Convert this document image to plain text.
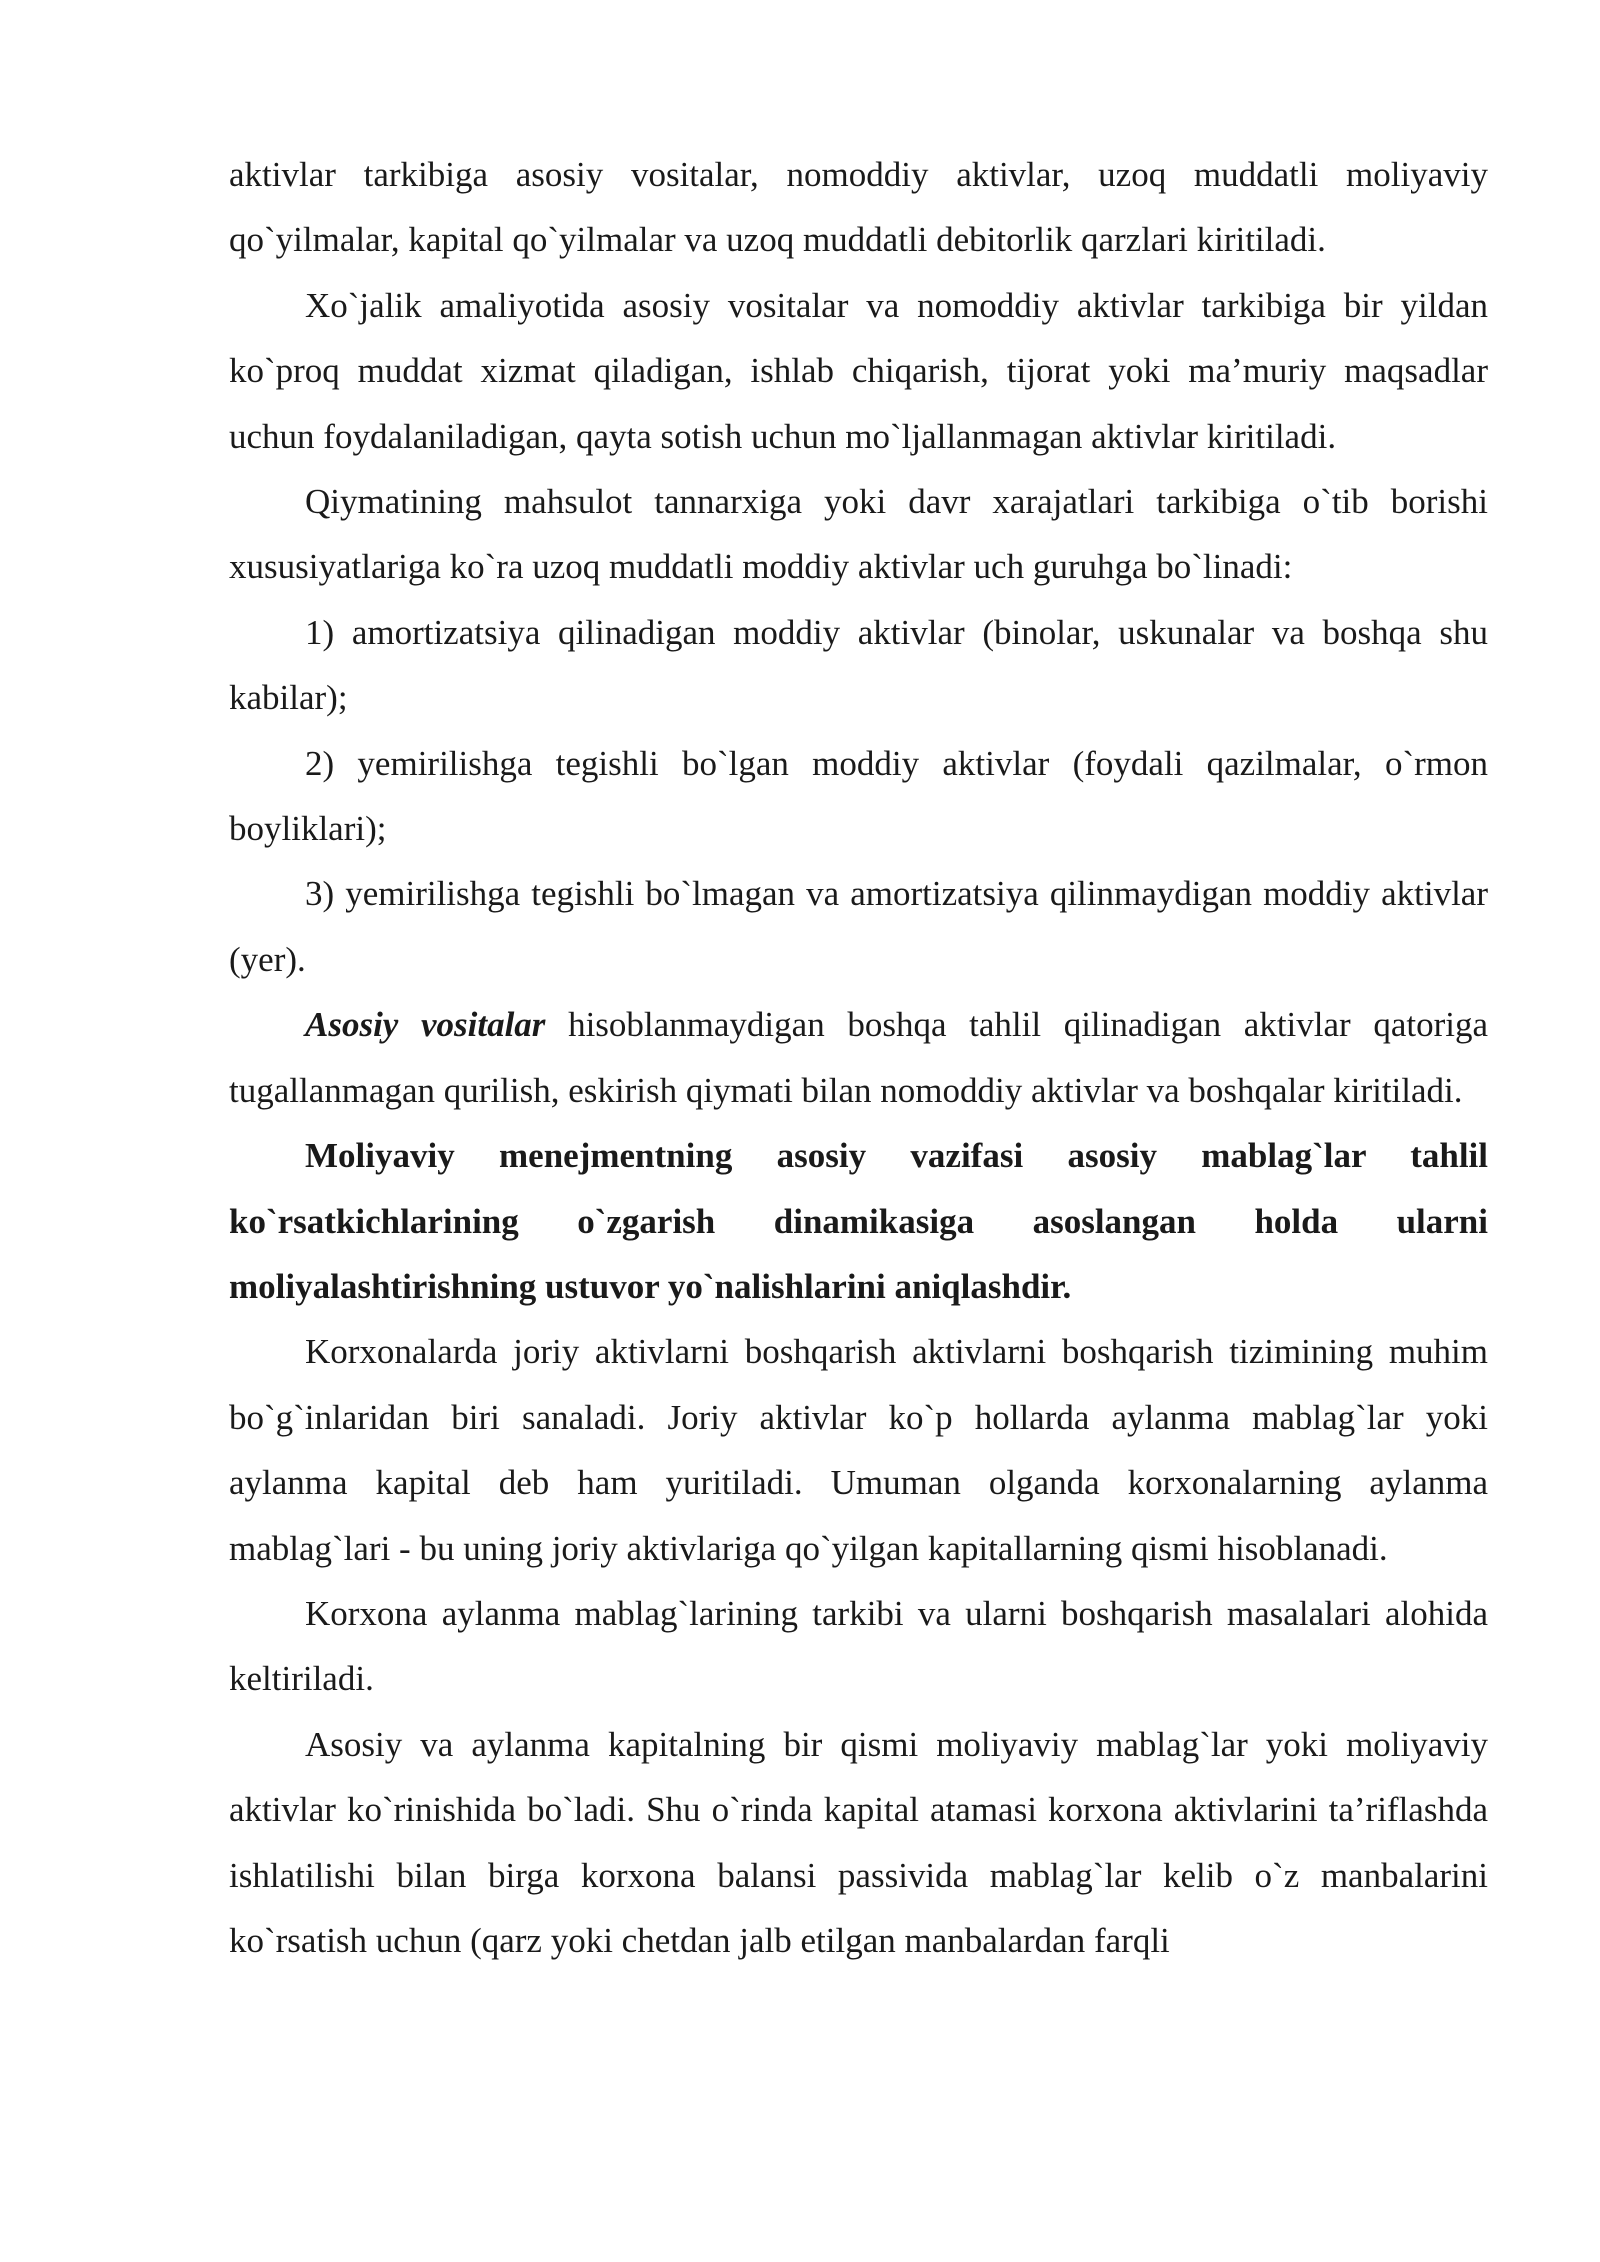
aktivlar tarkibiga asosiy vositalar, nomoddiy aktivlar, uzoq muddatli moliyaviy qo`yilmalar, kapital qo`yilmalar va uzoq muddatli debitorlik qarzlari kiritiladi.

Xo`jalik amaliyotida asosiy vositalar va nomoddiy aktivlar tarkibiga bir yildan ko`proq muddat xizmat qiladigan, ishlab chiqarish, tijorat yoki ma’muriy maqsadlar uchun foydalaniladigan, qayta sotish uchun mo`ljallanmagan aktivlar kiritiladi.

Qiymatining mahsulot tannarxiga yoki davr xarajatlari tarkibiga o`tib borishi xususiyatlariga ko`ra uzoq muddatli moddiy aktivlar uch guruhga bo`linadi:

1) amortizatsiya qilinadigan moddiy aktivlar (binolar, uskunalar va boshqa shu kabilar);

2) yemirilishga tegishli bo`lgan moddiy aktivlar (foydali qazilmalar, o`rmon boyliklari);

3) yemirilishga tegishli bo`lmagan va amortizatsiya qilinmaydigan moddiy aktivlar (yer).

Asosiy vositalar hisoblanmaydigan boshqa tahlil qilinadigan aktivlar qatoriga tugallanmagan qurilish, eskirish qiymati bilan nomoddiy aktivlar va boshqalar kiritiladi.

Moliyaviy menejmentning asosiy vazifasi asosiy mablag`lar tahlil ko`rsatkichlarining o`zgarish dinamikasiga asoslangan holda ularni moliyalashtirishning ustuvor yo`nalishlarini aniqlashdir.

Korxonalarda joriy aktivlarni boshqarish aktivlarni boshqarish tizimining muhim bo`g`inlaridan biri sanaladi. Joriy aktivlar ko`p hollarda aylanma mablag`lar yoki aylanma kapital deb ham yuritiladi. Umuman olganda korxonalarning aylanma mablag`lari - bu uning joriy aktivlariga qo`yilgan kapitallarning qismi hisoblanadi.

Korxona aylanma mablag`larining tarkibi va ularni boshqarish masalalari alohida keltiriladi.

Asosiy va aylanma kapitalning bir qismi moliyaviy mablag`lar yoki moliyaviy aktivlar ko`rinishida bo`ladi. Shu o`rinda kapital atamasi korxona aktivlarini ta’riflashda ishlatilishi bilan birga korxona balansi passivida mablag`lar kelib o`z manbalarini ko`rsatish uchun (qarz yoki chetdan jalb etilgan manbalardan farqli
